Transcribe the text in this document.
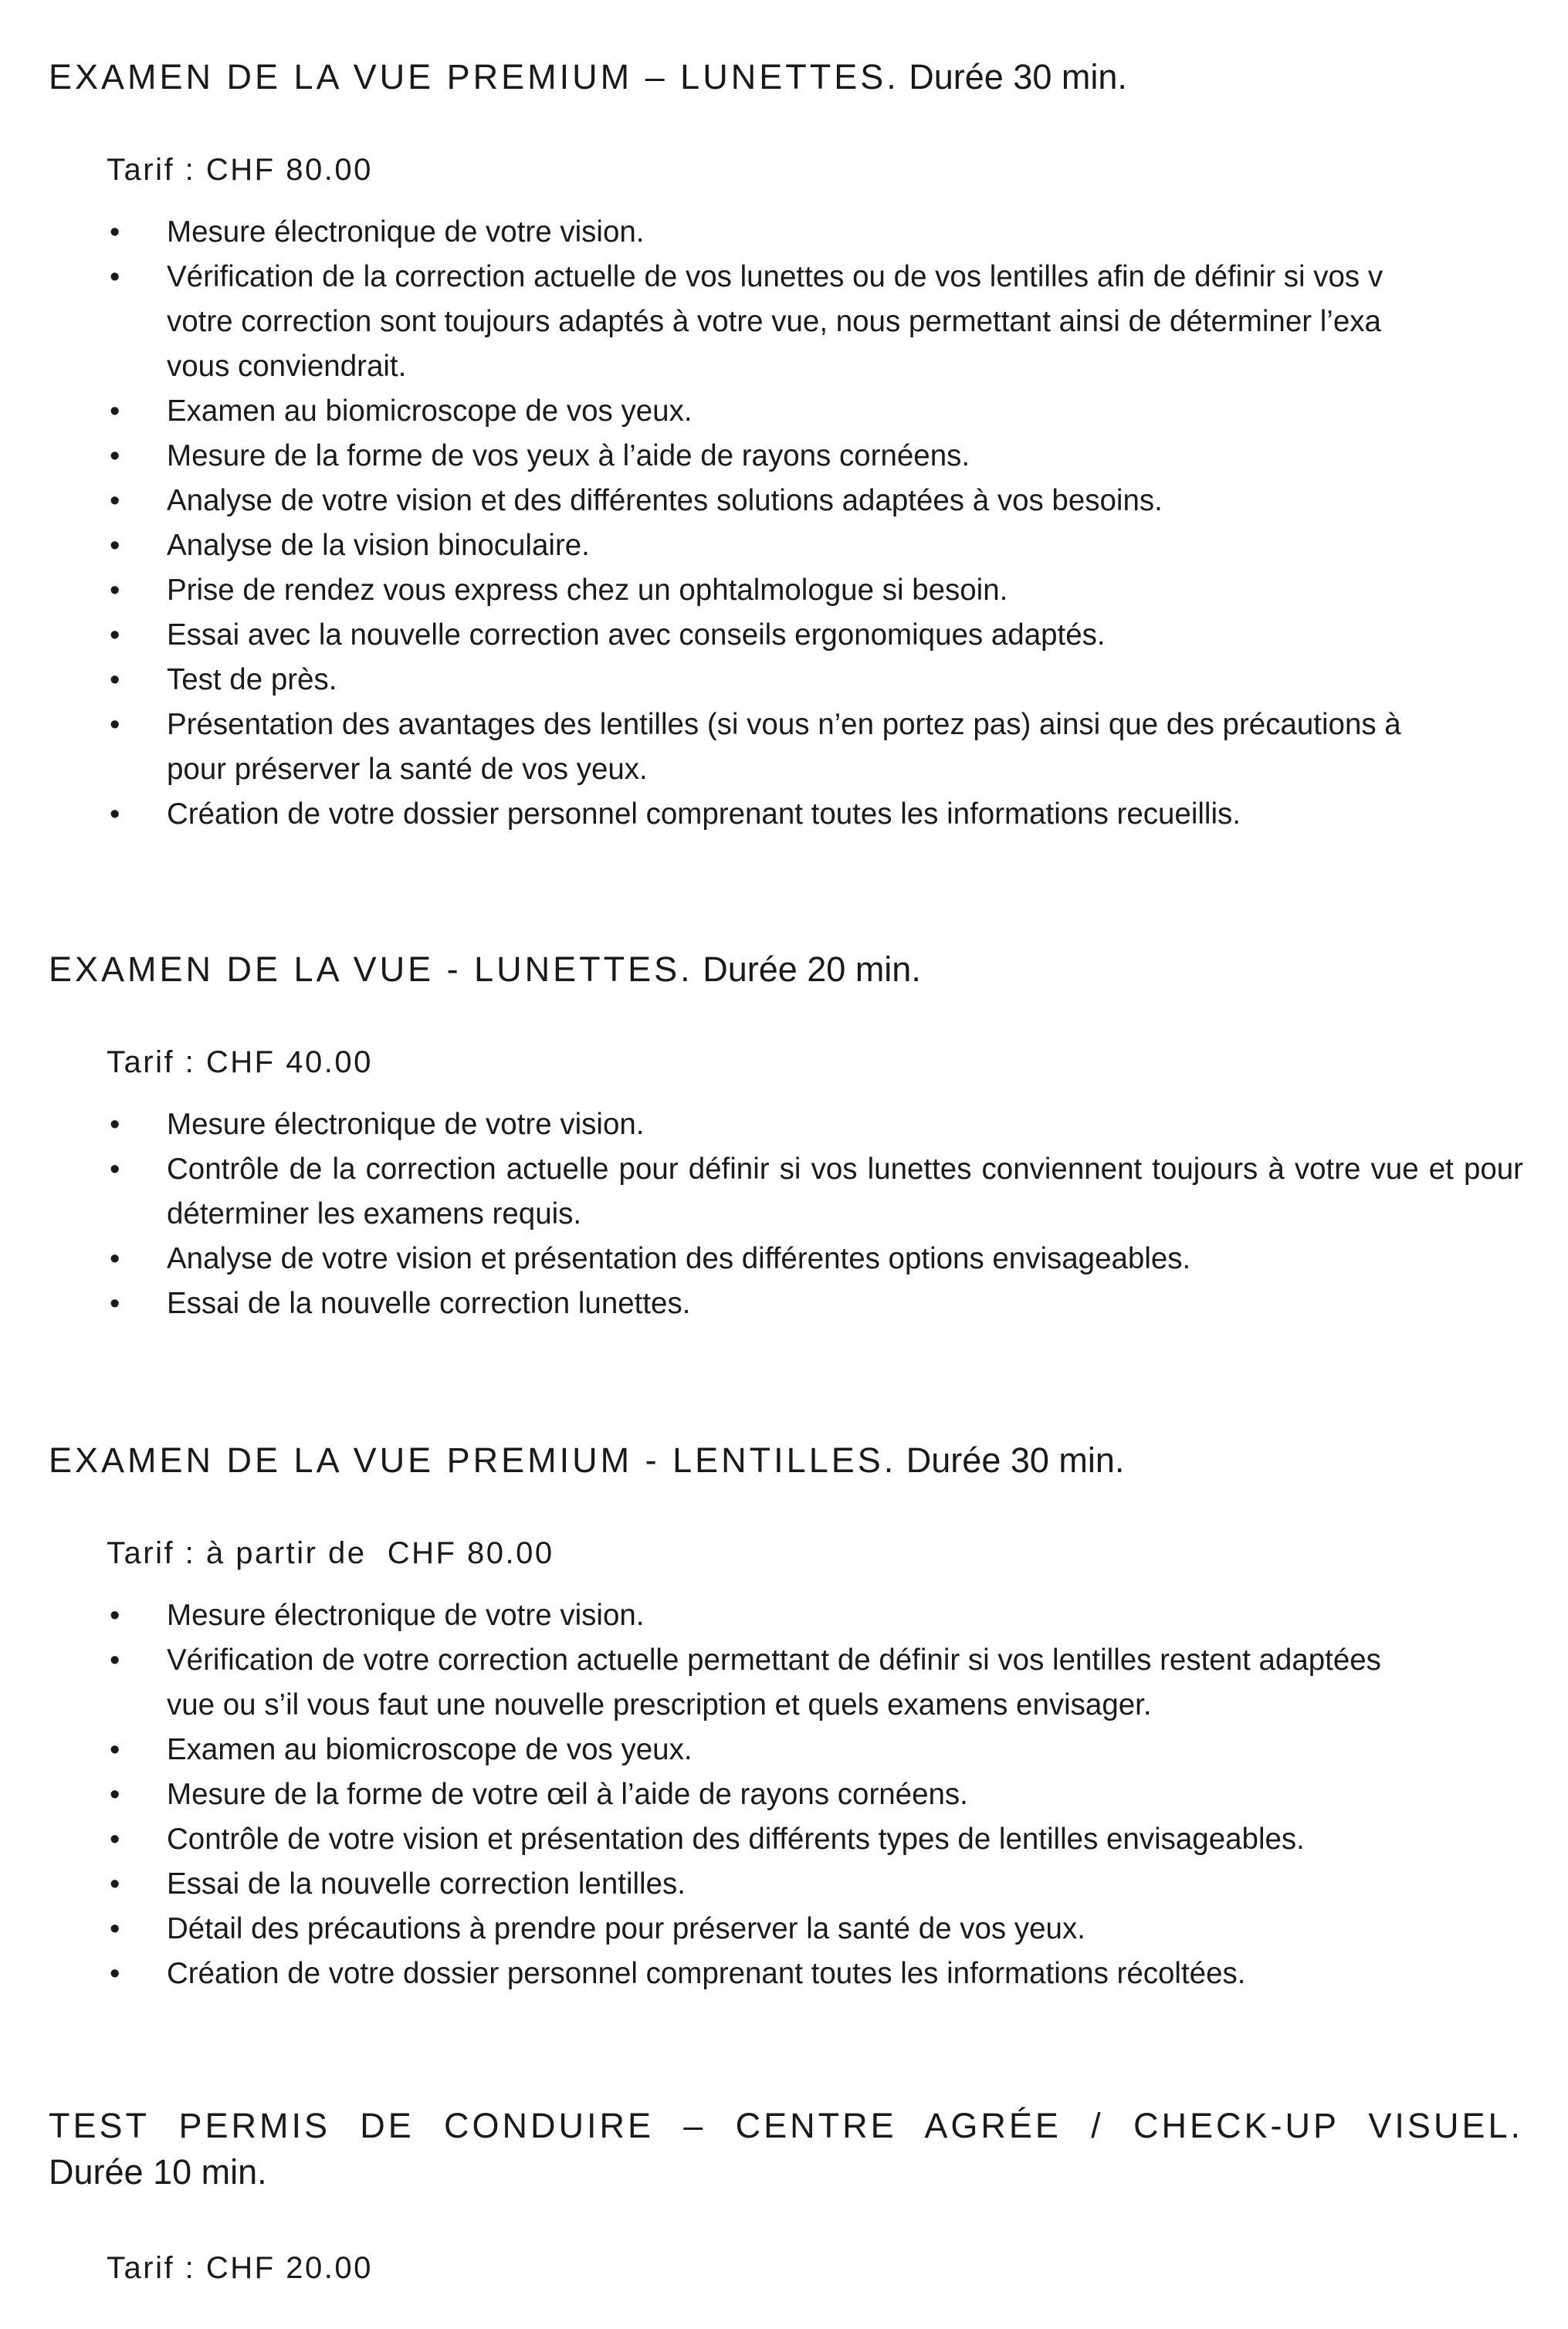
EXAMEN DE LA VUE PREMIUM – LUNETTES. Durée 30 min.

Tarif : CHF 80.00

• Mesure électronique de votre vision.
• Vérification de la correction actuelle de vos lunettes ou de vos lentilles afin de définir si vos v
votre correction sont toujours adaptés à votre vue, nous permettant ainsi de déterminer l’exa
vous conviendrait.
• Examen au biomicroscope de vos yeux.
• Mesure de la forme de vos yeux à l’aide de rayons cornéens.
• Analyse de votre vision et des différentes solutions adaptées à vos besoins.
• Analyse de la vision binoculaire.
• Prise de rendez vous express chez un ophtalmologue si besoin.
• Essai avec la nouvelle correction avec conseils ergonomiques adaptés.
• Test de près.
• Présentation des avantages des lentilles (si vous n’en portez pas) ainsi que des précautions à
pour préserver la santé de vos yeux.
• Création de votre dossier personnel comprenant toutes les informations recueillis.
EXAMEN DE LA VUE - LUNETTES. Durée 20 min.

Tarif : CHF 40.00

• Mesure électronique de votre vision.
• Contrôle de la correction actuelle pour définir si vos lunettes conviennent toujours à votre vue et pour déterminer les examens requis.
• Analyse de votre vision et présentation des différentes options envisageables.
• Essai de la nouvelle correction lunettes.
EXAMEN DE LA VUE PREMIUM - LENTILLES. Durée 30 min.

Tarif : à partir de  CHF 80.00

• Mesure électronique de votre vision.
• Vérification de votre correction actuelle permettant de définir si vos lentilles restent adaptées
vue ou s’il vous faut une nouvelle prescription et quels examens envisager.
• Examen au biomicroscope de vos yeux.
• Mesure de la forme de votre œil à l’aide de rayons cornéens.
• Contrôle de votre vision et présentation des différents types de lentilles envisageables.
• Essai de la nouvelle correction lentilles.
• Détail des précautions à prendre pour préserver la santé de vos yeux.
• Création de votre dossier personnel comprenant toutes les informations récoltées.
TEST PERMIS DE CONDUIRE – CENTRE AGRÉE / CHECK-UP VISUEL.

Durée 10 min.

Tarif : CHF 20.00
